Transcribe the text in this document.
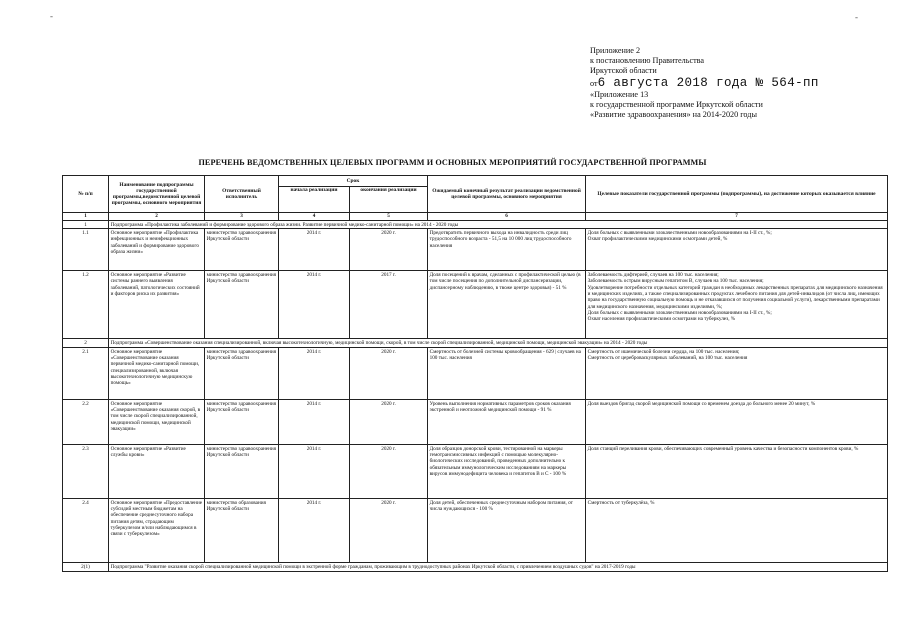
-	-
Приложение 2
к постановлению Правительства
Иркутской области
от6 августа 2018 года № 564-пп
«Приложение 13
к государственной программе Иркутской области
«Развитие здравоохранения» на 2014-2020 годы
ПЕРЕЧЕНЬ ВЕДОМСТВЕННЫХ ЦЕЛЕВЫХ ПРОГРАММ И ОСНОВНЫХ МЕРОПРИЯТИЙ ГОСУДАРСТВЕННОЙ ПРОГРАММЫ
№ п/п	Наименование подпрограммы государственной программы,ведомственной целевой программы, основного мероприятия	Ответственный исполнитель	Срок		Ожидаемый конечный результат реализации ведомственной целевой программы, основного мероприятия	Целевые показатели государственной программы (подпрограммы), на достижение которых оказывается влияние
			начала реализации	окончания реализации		
1	2	3	4	5	6	7
1	Подпрограмма «Профилактика заболеваний и формирование здорового образа жизни. Развитие первичной медико-санитарной помощи» на 2014 - 2020 годы					
1.1	Основное мероприятие «Профилактика инфекционных и неинфекционных заболеваний и формирование здорового образа жизни»	министерство здравоохранения Иркутской области	2014 г.	2020 г.	Предотвратить первичного выхода на инвалидность среди лиц трудоспособного возраста - 51,5 на 10 000 лиц трудоспособного населения	Доля больных с выявленными злокачественными новообразованиями на I-II ст., %;
Охват профилактическими медицинскими осмотрами детей, %
1.2	Основное мероприятие «Развитие системы раннего выявления заболеваний, патологических состояний и факторов риска их развития»	министерство здравоохранения Иркутской области	2014 г.	2017 г.	Доля посещений к врачам, сделанных с профилактической целью (в том числе посещения по дополнительной диспансеризации, диспансерному наблюдению, в твоже центре здоровья) - 51 %	Заболеваемость дифтерией, случаев на 100 тыс. населения;
Заболеваемость острым вирусным гепатитом В, случаев на 100 тыс. населения;
Удовлетворение потребности отдельных категорий граждан в необходимых лекарственных препаратах для медицинского назначения и медицинских изделиях, а также специализированных продуктах лечебного питания для детей-инвалидов (от числа лиц, имеющих право на государственную социальную помощь и не отказавшихся от получения социальной услуги), лекарственными препаратами для медицинского назначения, медицинскими изделиями, %;
Доля больных с выявленными злокачественными новообразованиями на I-II ст., %;
Охват населения профилактическими осмотрами на туберкулез, %
2	Подпрограмма «Совершенствование оказания специализированной, включая высокотехнологичную, медицинской помощи, скорой, в том числе скорой специализированной, медицинской помощи, медицинской эвакуации» на 2014 - 2020 годы					
2.1	Основное мероприятие «Совершенствование оказания первичной медико-санитарной помощи, специализированной, включая высокотехнологичную медицинскую помощь»	министерство здравоохранения Иркутской области	2014 г.	2020 г.	Смертность от болезней системы кровообращения - 629 | случаев на 100 тыс. населения	Смертность от ишемической болезни сердца, на 100 тыс. населения;
Смертность от цереброваскулярных заболеваний, на 100 тыс. населения
2.2	Основное мероприятие «Совершенствование оказания скорой, в том числе скорой специализированной, медицинской помощи, медицинской эвакуации»	министерство здравоохранения Иркутской области	2014 г.	2020 г.	Уровень выполнения нормативных параметров сроков оказания экстренной и неотложной медицинской помощи - 91 %	Доля выездов бригад скорой медицинской помощи со временем доезда до больного менее 20 минут, %
2.3	Основное мероприятие «Развитие службы крови»	министерство здравоохранения Иркутской области	2014 г.	2020 г.	Доля образцов донорской крови, тестированной на маркеры гемотрансмиссивных инфекций с помощью молекулярно-биологических исследований, проведенных дополнительно к обязательным иммунологическим исследованиям на маркеры вирусов иммунодефицита человека и гепатитов В и С - 100 %	Доля станций переливания крови, обеспечивающих современный уровень качества и безопасности компонентов крови, %
2.4	Основное мероприятие «Предоставление субсидий местным бюджетам на обеспечение среднесуточного набора питания детям, страдающим туберкулезом и/или наблюдающимся в связи с туберкулезом»	министерство образования Иркутской области	2014 г.	2020 г.	Доля детей, обеспеченных среднесуточным набором питания, от числа нуждающихся - 100 %	Смертность от туберкулёза, %
2(1)	Подпрограмма "Развитие оказания скорой специализированной медицинской помощи в экстренной форме гражданам, проживающим в труднодоступных районах Иркутской области, с привлечением воздушных судов" на 2017-2019 годы					
